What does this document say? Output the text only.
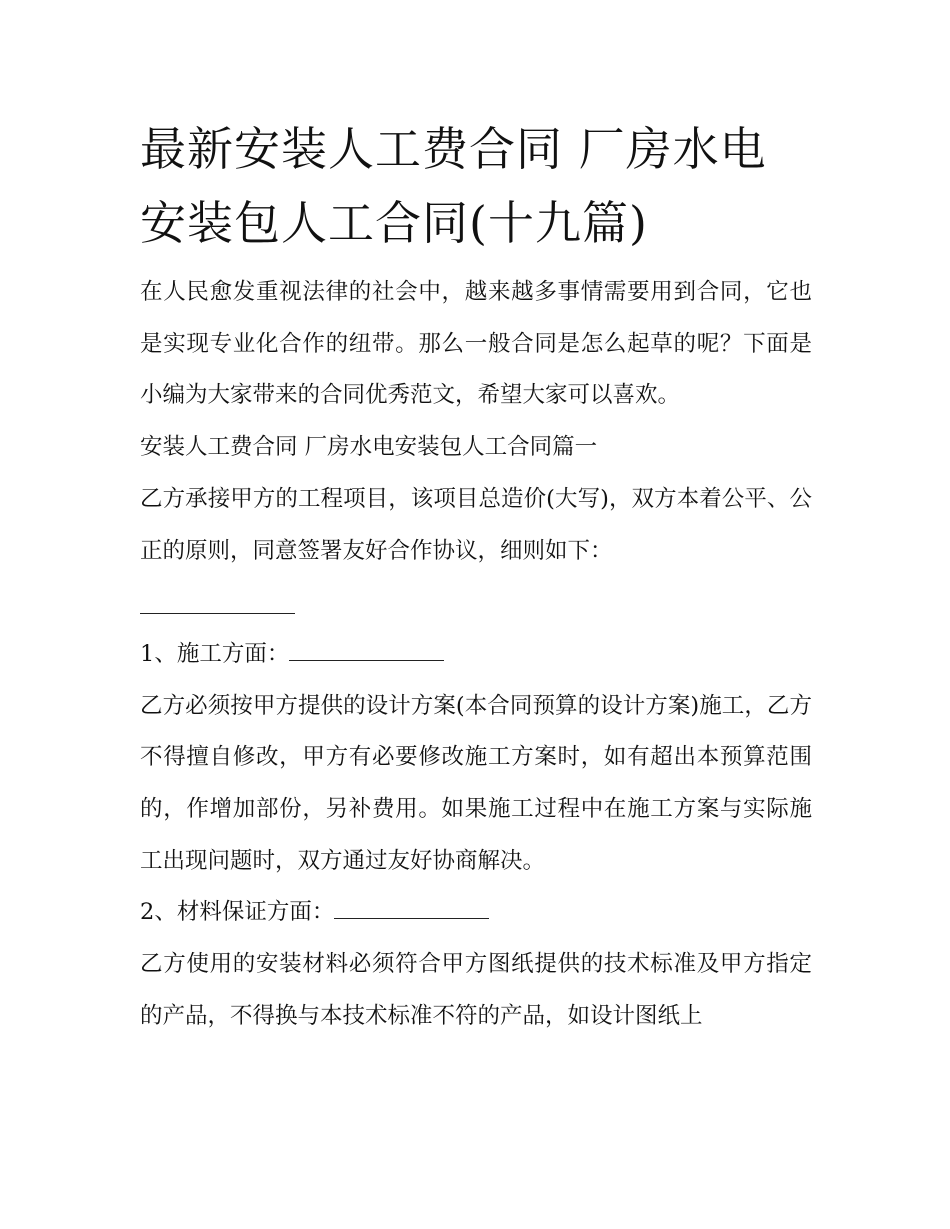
最新安装人工费合同 厂房水电安装包人工合同(十九篇)

在人民愈发重视法律的社会中，越来越多事情需要用到合同，它也是实现专业化合作的纽带。那么一般合同是怎么起草的呢？下面是小编为大家带来的合同优秀范文，希望大家可以喜欢。

安装人工费合同 厂房水电安装包人工合同篇一

乙方承接甲方的工程项目，该项目总造价(大写)，双方本着公平、公正的原则，同意签署友好合作协议，细则如下：

1、施工方面：

乙方必须按甲方提供的设计方案(本合同预算的设计方案)施工，乙方不得擅自修改，甲方有必要修改施工方案时，如有超出本预算范围的，作增加部份，另补费用。如果施工过程中在施工方案与实际施工出现问题时，双方通过友好协商解决。

2、材料保证方面：

乙方使用的安装材料必须符合甲方图纸提供的技术标准及甲方指定的产品，不得换与本技术标准不符的产品，如设计图纸上
